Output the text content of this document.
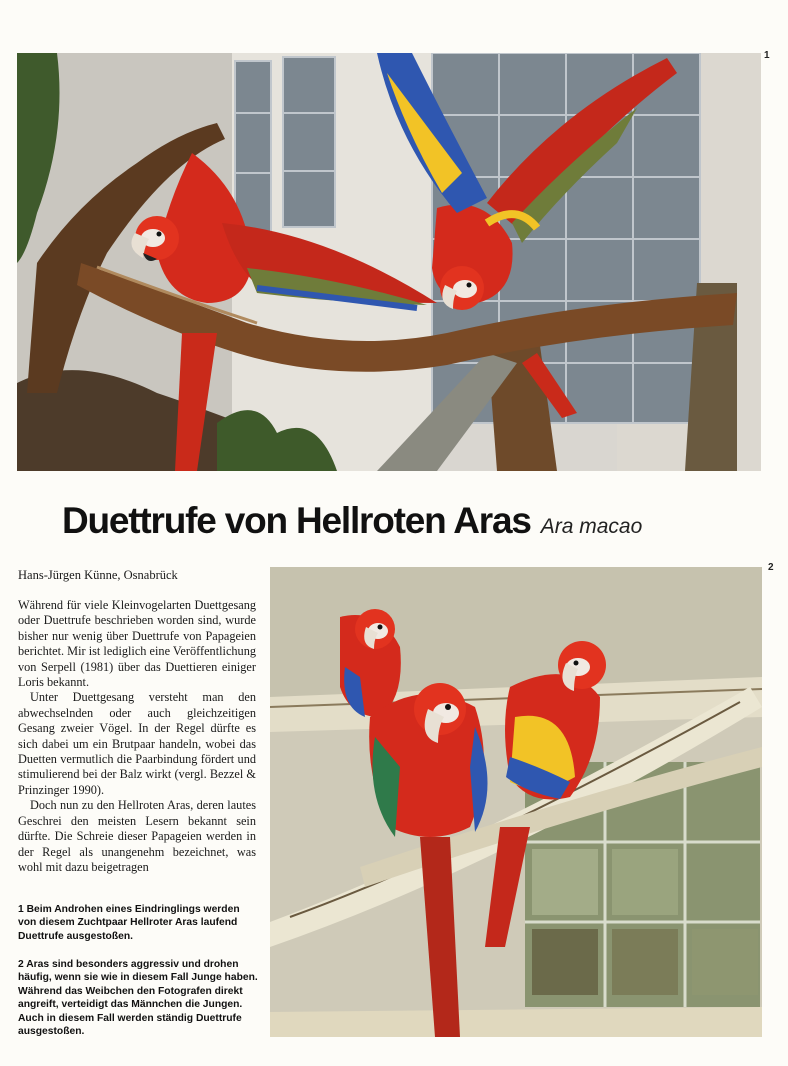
1
Duettrufe von Hellroten Aras Ara macao
Hans-Jürgen Künne, Osnabrück

Während für viele Kleinvogelarten Duettgesang oder Duettrufe beschrieben worden sind, wurde bisher nur wenig über Duettrufe von Papageien berichtet. Mir ist lediglich eine Veröffentlichung von Serpell (1981) über das Duettieren einiger Loris bekannt.

Unter Duettgesang versteht man den abwechselnden oder auch gleichzeitigen Gesang zweier Vögel. In der Regel dürfte es sich dabei um ein Brutpaar handeln, wobei das Duetten vermutlich die Paarbindung fördert und stimulierend bei der Balz wirkt (vergl. Bezzel & Prinzinger 1990).

Doch nun zu den Hellroten Aras, deren lautes Geschrei den meisten Lesern bekannt sein dürfte. Die Schreie dieser Papageien werden in der Regel als unangenehm bezeichnet, was wohl mit dazu beigetragen

1 Beim Androhen eines Eindringlings werden von diesem Zuchtpaar Hellroter Aras laufend Duettrufe ausgestoßen.
2 Aras sind besonders aggressiv und drohen häufig, wenn sie wie in diesem Fall Junge haben. Während das Weibchen den Fotografen direkt angreift, verteidigt das Männchen die Jungen. Auch in diesem Fall werden ständig Duettrufe ausgestoßen.
2
